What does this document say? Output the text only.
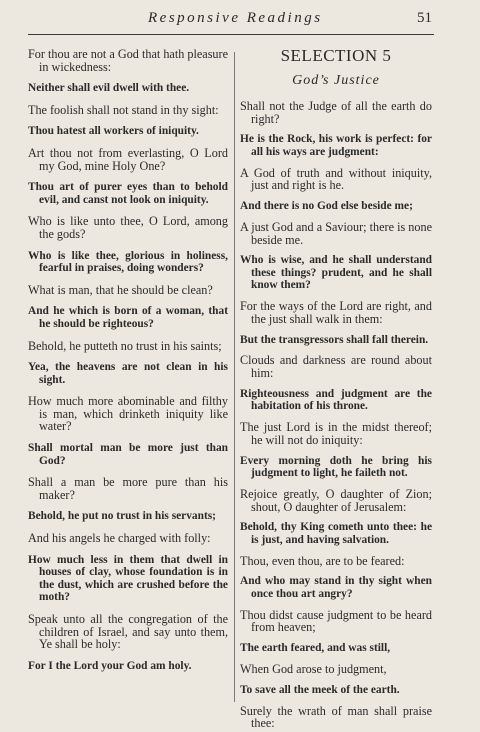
Responsive Readings	51

For thou are not a God that hath pleasure in wickedness:

Neither shall evil dwell with thee.

The foolish shall not stand in thy sight:

Thou hatest all workers of iniquity.

Art thou not from everlasting, O Lord my God, mine Holy One?

Thou art of purer eyes than to behold evil, and canst not look on iniquity.

Who is like unto thee, O Lord, among the gods?

Who is like thee, glorious in holiness, fearful in praises, doing wonders?

What is man, that he should be clean?

And he which is born of a woman, that he should be righteous?

Behold, he putteth no trust in his saints;

Yea, the heavens are not clean in his sight.

How much more abominable and filthy is man, which drinketh iniquity like water?

Shall mortal man be more just than God?

Shall a man be more pure than his maker?

Behold, he put no trust in his servants;

And his angels he charged with folly:

How much less in them that dwell in houses of clay, whose foundation is in the dust, which are crushed before the moth?

Speak unto all the congregation of the children of Israel, and say unto them, Ye shall be holy:

For I the Lord your God am holy.

SELECTION 5

God’s Justice

Shall not the Judge of all the earth do right?

He is the Rock, his work is perfect: for all his ways are judgment:

A God of truth and without iniquity, just and right is he.

And there is no God else beside me;

A just God and a Saviour; there is none beside me.

Who is wise, and he shall understand these things? prudent, and he shall know them?

For the ways of the Lord are right, and the just shall walk in them:

But the transgressors shall fall therein.

Clouds and darkness are round about him:

Righteousness and judgment are the habitation of his throne.

The just Lord is in the midst thereof; he will not do iniquity:

Every morning doth he bring his judgment to light, he faileth not.

Rejoice greatly, O daughter of Zion; shout, O daughter of Jerusalem:

Behold, thy King cometh unto thee: he is just, and having salvation.

Thou, even thou, are to be feared:

And who may stand in thy sight when once thou art angry?

Thou didst cause judgment to be heard from heaven;

The earth feared, and was still,

When God arose to judgment,

To save all the meek of the earth.

Surely the wrath of man shall praise thee:
